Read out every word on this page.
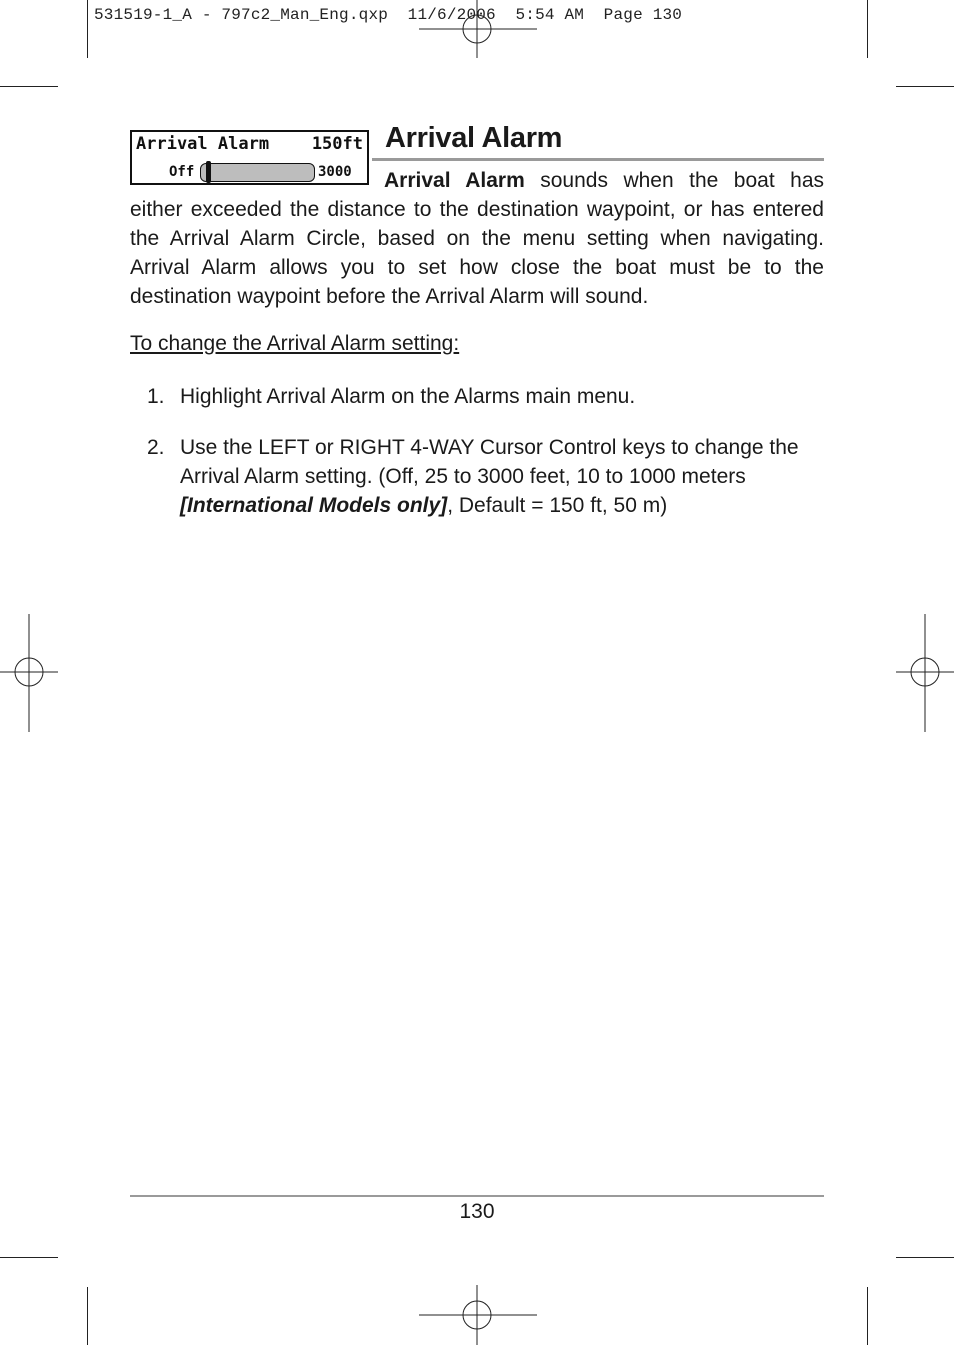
531519-1_A - 797c2_Man_Eng.qxp  11/6/2006  5:54 AM  Page 130
Arrival Alarm	150ft
Off	3000
Arrival Alarm
Arrival Alarm sounds when the boat has either exceeded the distance to the destination waypoint, or has entered the Arrival Alarm Circle, based on the menu setting when navigating. Arrival Alarm allows you to set how close the boat must be to the destination waypoint before the Arrival Alarm will sound.
To change the Arrival Alarm setting:
1. Highlight Arrival Alarm on the Alarms main menu.
2. Use the LEFT or RIGHT 4-WAY Cursor Control keys to change the Arrival Alarm setting. (Off, 25 to 3000 feet, 10 to 1000 meters [International Models only], Default = 150 ft, 50 m)
130
